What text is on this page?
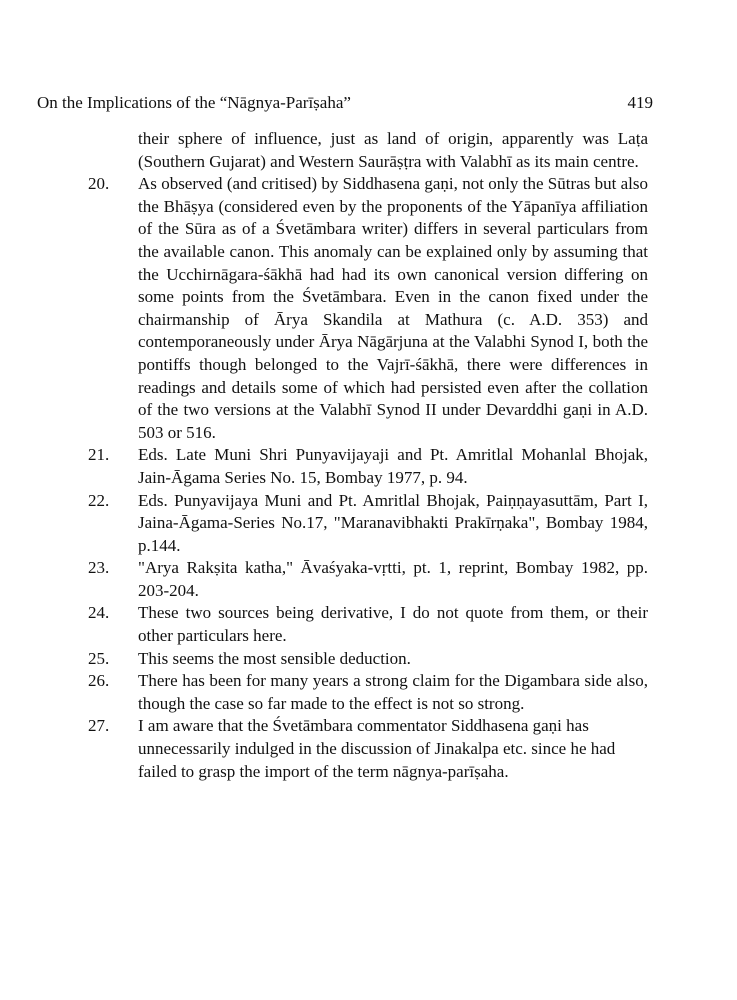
On the Implications of the “Nāgnya-Parīṣaha”	419

their sphere of influence, just as land of origin, apparently was Laṭa (Southern Gujarat) and Western Saurāṣṭra with Valabhī as its main centre.

20.	As observed (and critised) by Siddhasena gaṇi, not only the Sūtras but also the Bhāṣya (considered even by the proponents of the Yāpanīya affiliation of the Sūra as of a Śvetāmbara writer) differs in several particulars from the available canon. This anomaly can be explained only by assuming that the Ucchirnāgara-śākhā had had its own canonical version differing on some points from the Śvetāmbara. Even in the canon fixed under the chairmanship of Ārya Skandila at Mathura (c. A.D. 353) and contemporaneously under Ārya Nāgārjuna at the Valabhi Synod I, both the pontiffs though belonged to the Vajrī-śākhā, there were differences in readings and details some of which had persisted even after the collation of the two versions at the Valabhī Synod II under Devarddhi gaṇi in A.D. 503 or 516.
21.	Eds. Late Muni Shri Punyavijayaji and Pt. Amritlal Mohanlal Bhojak, Jain-Āgama Series No. 15, Bombay 1977, p. 94.
22.	Eds. Punyavijaya Muni and Pt. Amritlal Bhojak, Paiṇṇayasuttām, Part I, Jaina-Āgama-Series No.17, "Maranavibhakti Prakīrṇaka", Bombay 1984, p.144.
23.	"Arya Rakṣita katha," Āvaśyaka-vṛtti, pt. 1, reprint, Bombay 1982, pp. 203-204.
24.	These two sources being derivative, I do not quote from them, or their other particulars here.
25.	This seems the most sensible deduction.
26.	There has been for many years a strong claim for the Digambara side also, though the case so far made to the effect is not so strong.
27.	I am aware that the Śvetāmbara commentator Siddhasena gaṇi has unnecessarily indulged in the discussion of Jinakalpa etc. since he had failed to grasp the import of the term nāgnya-parīṣaha.
